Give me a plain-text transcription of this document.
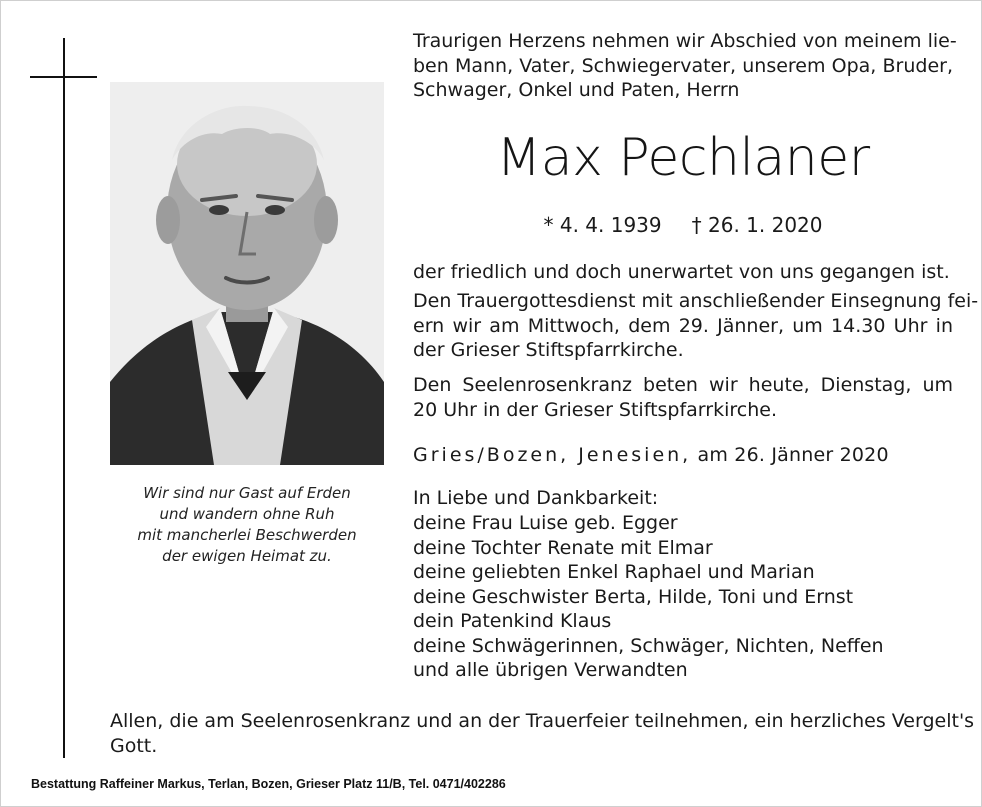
Wir sind nur Gast auf Erden
und wandern ohne Ruh
mit mancherlei Beschwerden
der ewigen Heimat zu.
Traurigen Herzens nehmen wir Abschied von meinem lie-
ben Mann, Vater, Schwiegervater, unserem Opa, Bruder,
Schwager, Onkel und Paten, Herrn
Max Pechlaner
* 4. 4. 1939 † 26. 1. 2020
der friedlich und doch unerwartet von uns gegangen ist.
Den Trauergottesdienst mit anschließender Einsegnung fei-
ern wir am Mittwoch, dem 29. Jänner, um 14.30 Uhr in
der Grieser Stiftspfarrkirche.
Den Seelenrosenkranz beten wir heute, Dienstag, um
20 Uhr in der Grieser Stiftspfarrkirche.
Gries/Bozen, Jenesien, am 26. Jänner 2020
In Liebe und Dankbarkeit:
deine Frau Luise geb. Egger
deine Tochter Renate mit Elmar
deine geliebten Enkel Raphael und Marian
deine Geschwister Berta, Hilde, Toni und Ernst
dein Patenkind Klaus
deine Schwägerinnen, Schwäger, Nichten, Neffen
und alle übrigen Verwandten
Allen, die am Seelenrosenkranz und an der Trauerfeier teilnehmen, ein herzliches Vergelt's
Gott.
Bestattung Raffeiner Markus, Terlan, Bozen, Grieser Platz 11/B, Tel. 0471/402286
